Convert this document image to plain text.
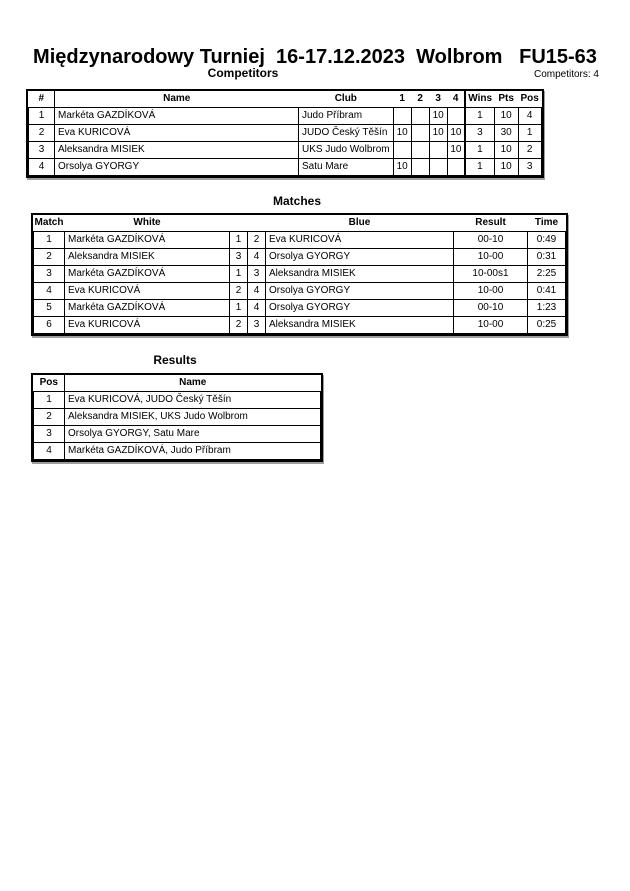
Międzynarodowy Turniej  16-17.12.2023  Wolbrom   FU15-63
Competitors	Competitors: 4
#	Name	Club	1	2	3	4	Wins	Pts	Pos
1	Markéta GAZDÍKOVÁ	Judo Příbram			10		1	10	4
2	Eva KURICOVÁ	JUDO Český Těšín	10		10	10	3	30	1
3	Aleksandra MISIEK	UKS Judo Wolbrom				10	1	10	2
4	Orsolya GYORGY	Satu Mare	10				1	10	3
Matches
Match	White			Blue	Result	Time
1	Markéta GAZDÍKOVÁ	1	2	Eva KURICOVÁ	00-10	0:49
2	Aleksandra MISIEK	3	4	Orsolya GYORGY	10-00	0:31
3	Markéta GAZDÍKOVÁ	1	3	Aleksandra MISIEK	10-00s1	2:25
4	Eva KURICOVÁ	2	4	Orsolya GYORGY	10-00	0:41
5	Markéta GAZDÍKOVÁ	1	4	Orsolya GYORGY	00-10	1:23
6	Eva KURICOVÁ	2	3	Aleksandra MISIEK	10-00	0:25
Results
Pos	Name
1	Eva KURICOVÁ, JUDO Český Těšín
2	Aleksandra MISIEK, UKS Judo Wolbrom
3	Orsolya GYORGY, Satu Mare
4	Markéta GAZDÍKOVÁ, Judo Příbram
